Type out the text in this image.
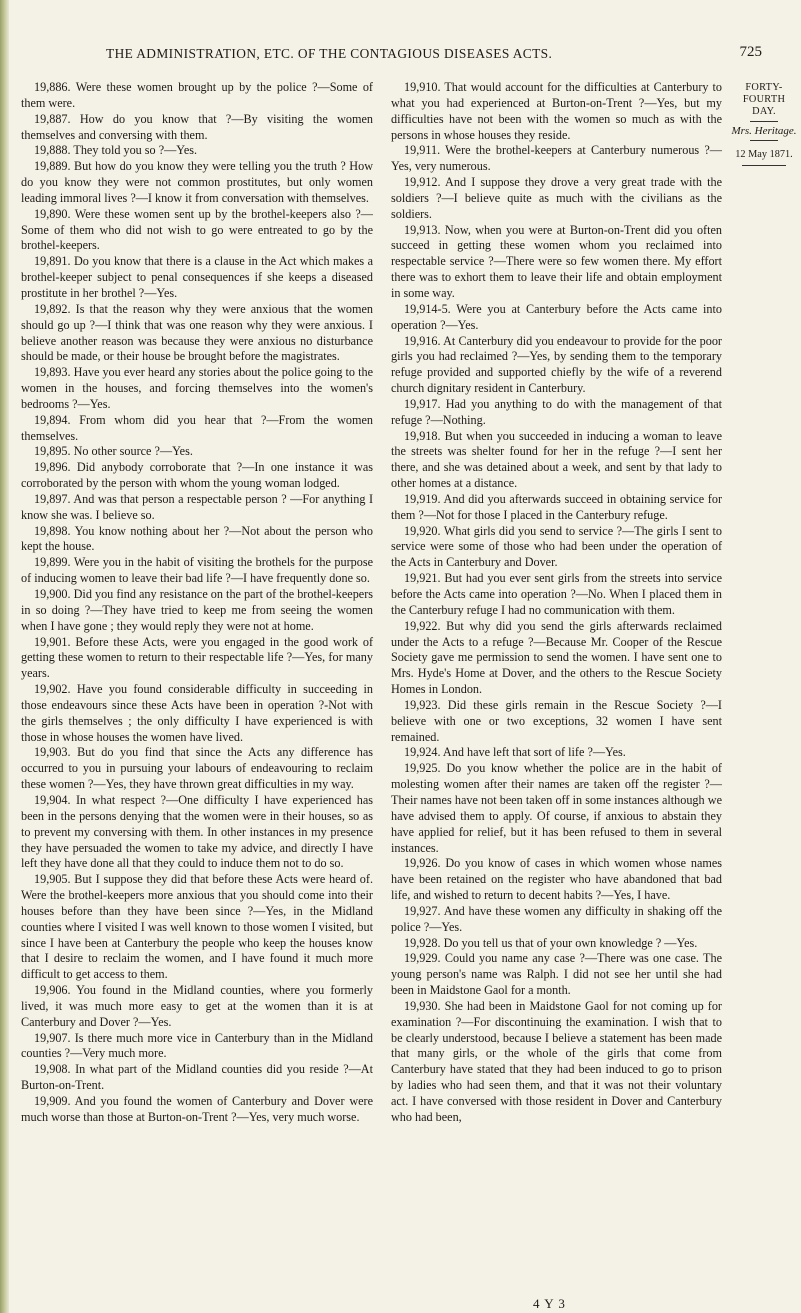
THE ADMINISTRATION, ETC. OF THE CONTAGIOUS DISEASES ACTS.	725

19,886. Were these women brought up by the police ?—Some of them were.

19,887. How do you know that ?—By visiting the women themselves and conversing with them.

19,888. They told you so ?—Yes.

19,889. But how do you know they were telling you the truth ? How do you know they were not common prostitutes, but only women leading immoral lives ?—I know it from conversation with themselves.

19,890. Were these women sent up by the brothel-keepers also ?—Some of them who did not wish to go were entreated to go by the brothel-keepers.

19,891. Do you know that there is a clause in the Act which makes a brothel-keeper subject to penal consequences if she keeps a diseased prostitute in her brothel ?—Yes.

19,892. Is that the reason why they were anxious that the women should go up ?—I think that was one reason why they were anxious. I believe another reason was because they were anxious no disturbance should be made, or their house be brought before the magistrates.

19,893. Have you ever heard any stories about the police going to the women in the houses, and forcing themselves into the women's bedrooms ?—Yes.

19,894. From whom did you hear that ?—From the women themselves.

19,895. No other source ?—Yes.

19,896. Did anybody corroborate that ?—In one instance it was corroborated by the person with whom the young woman lodged.

19,897. And was that person a respectable person ? —For anything I know she was. I believe so.

19,898. You know nothing about her ?—Not about the person who kept the house.

19,899. Were you in the habit of visiting the brothels for the purpose of inducing women to leave their bad life ?—I have frequently done so.

19,900. Did you find any resistance on the part of the brothel-keepers in so doing ?—They have tried to keep me from seeing the women when I have gone ; they would reply they were not at home.

19,901. Before these Acts, were you engaged in the good work of getting these women to return to their respectable life ?—Yes, for many years.

19,902. Have you found considerable difficulty in succeeding in those endeavours since these Acts have been in operation ?-Not with the girls themselves ; the only difficulty I have experienced is with those in whose houses the women have lived.

19,903. But do you find that since the Acts any difference has occurred to you in pursuing your labours of endeavouring to reclaim these women ?—Yes, they have thrown great difficulties in my way.

19,904. In what respect ?—One difficulty I have experienced has been in the persons denying that the women were in their houses, so as to prevent my conversing with them. In other instances in my presence they have persuaded the women to take my advice, and directly I have left they have done all that they could to induce them not to do so.

19,905. But I suppose they did that before these Acts were heard of. Were the brothel-keepers more anxious that you should come into their houses before than they have been since ?—Yes, in the Midland counties where I visited I was well known to those women I visited, but since I have been at Canterbury the people who keep the houses know that I desire to reclaim the women, and I have found it much more difficult to get access to them.

19,906. You found in the Midland counties, where you formerly lived, it was much more easy to get at the women than it is at Canterbury and Dover ?—Yes.

19,907. Is there much more vice in Canterbury than in the Midland counties ?—Very much more.

19,908. In what part of the Midland counties did you reside ?—At Burton-on-Trent.

19,909. And you found the women of Canterbury and Dover were much worse than those at Burton-on-Trent ?—Yes, very much worse.

19,910. That would account for the difficulties at Canterbury to what you had experienced at Burton-on-Trent ?—Yes, but my difficulties have not been with the women so much as with the persons in whose houses they reside.

19,911. Were the brothel-keepers at Canterbury numerous ?—Yes, very numerous.

19,912. And I suppose they drove a very great trade with the soldiers ?—I believe quite as much with the civilians as the soldiers.

19,913. Now, when you were at Burton-on-Trent did you often succeed in getting these women whom you reclaimed into respectable service ?—There were so few women there. My effort there was to exhort them to leave their life and obtain employment in some way.

19,914-5. Were you at Canterbury before the Acts came into operation ?—Yes.

19,916. At Canterbury did you endeavour to provide for the poor girls you had reclaimed ?—Yes, by sending them to the temporary refuge provided and supported chiefly by the wife of a reverend church dignitary resident in Canterbury.

19,917. Had you anything to do with the management of that refuge ?—Nothing.

19,918. But when you succeeded in inducing a woman to leave the streets was shelter found for her in the refuge ?—I sent her there, and she was detained about a week, and sent by that lady to other homes at a distance.

19,919. And did you afterwards succeed in obtaining service for them ?—Not for those I placed in the Canterbury refuge.

19,920. What girls did you send to service ?—The girls I sent to service were some of those who had been under the operation of the Acts in Canterbury and Dover.

19,921. But had you ever sent girls from the streets into service before the Acts came into operation ?—No. When I placed them in the Canterbury refuge I had no communication with them.

19,922. But why did you send the girls afterwards reclaimed under the Acts to a refuge ?—Because Mr. Cooper of the Rescue Society gave me permission to send the women. I have sent one to Mrs. Hyde's Home at Dover, and the others to the Rescue Society Homes in London.

19,923. Did these girls remain in the Rescue Society ?—I believe with one or two exceptions, 32 women I have sent remained.

19,924. And have left that sort of life ?—Yes.

19,925. Do you know whether the police are in the habit of molesting women after their names are taken off the register ?—Their names have not been taken off in some instances although we have advised them to apply. Of course, if anxious to abstain they have applied for relief, but it has been refused to them in several instances.

19,926. Do you know of cases in which women whose names have been retained on the register who have abandoned that bad life, and wished to return to decent habits ?—Yes, I have.

19,927. And have these women any difficulty in shaking off the police ?—Yes.

19,928. Do you tell us that of your own knowledge ? —Yes.

19,929. Could you name any case ?—There was one case. The young person's name was Ralph. I did not see her until she had been in Maidstone Gaol for a month.

19,930. She had been in Maidstone Gaol for not coming up for examination ?—For discontinuing the examination. I wish that to be clearly understood, because I believe a statement has been made that many girls, or the whole of the girls that come from Canterbury have stated that they had been induced to go to prison by ladies who had seen them, and that it was not their voluntary act. I have conversed with those resident in Dover and Canterbury who had been,

FORTY-FOURTH DAY.
Mrs. Heritage.
12 May 1871.
4 Y 3
